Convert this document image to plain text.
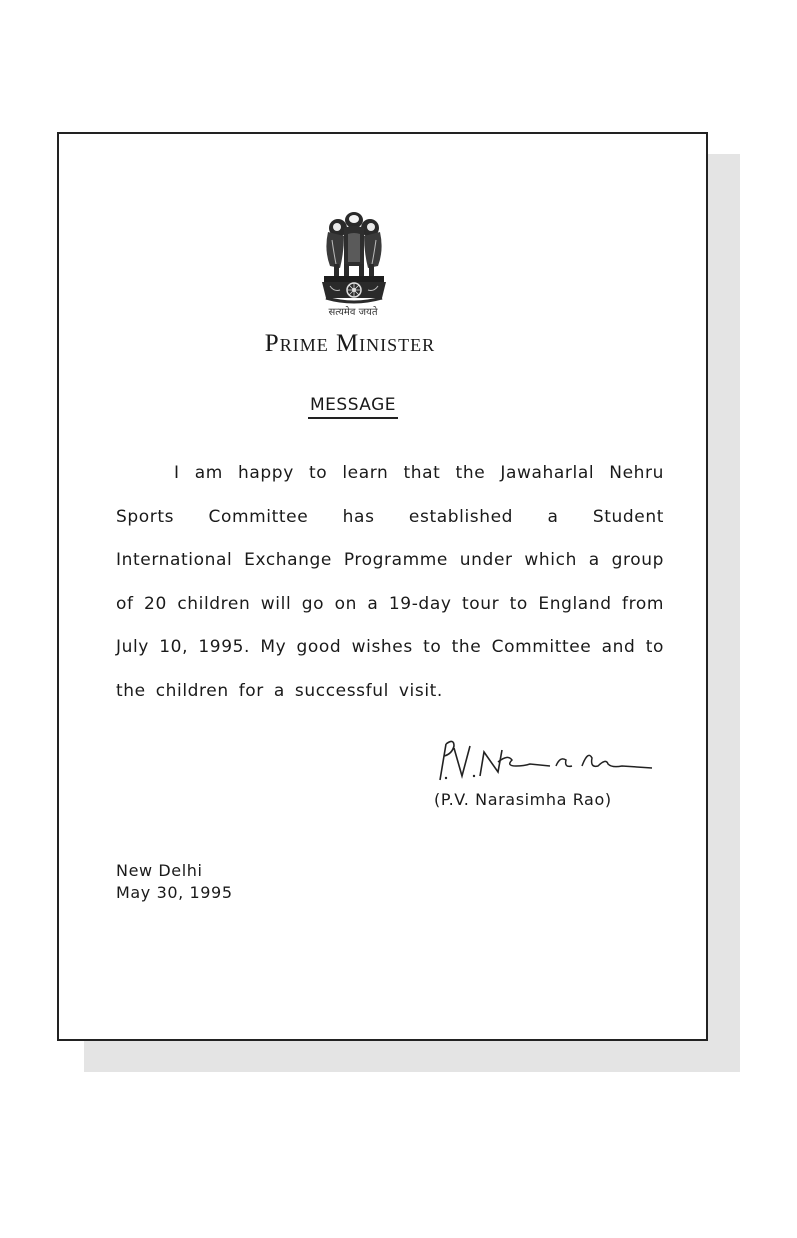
सत्यमेव जयते
Prime Minister
MESSAGE

I am happy to learn that the Jawaharlal Nehru Sports Committee has established a Student International Exchange Programme under which a group of 20 children will go on a 19-day tour to England from July 10, 1995. My good wishes to the Committee and to the children for a successful visit.

(P.V. Narasimha Rao)
New Delhi
May 30, 1995
